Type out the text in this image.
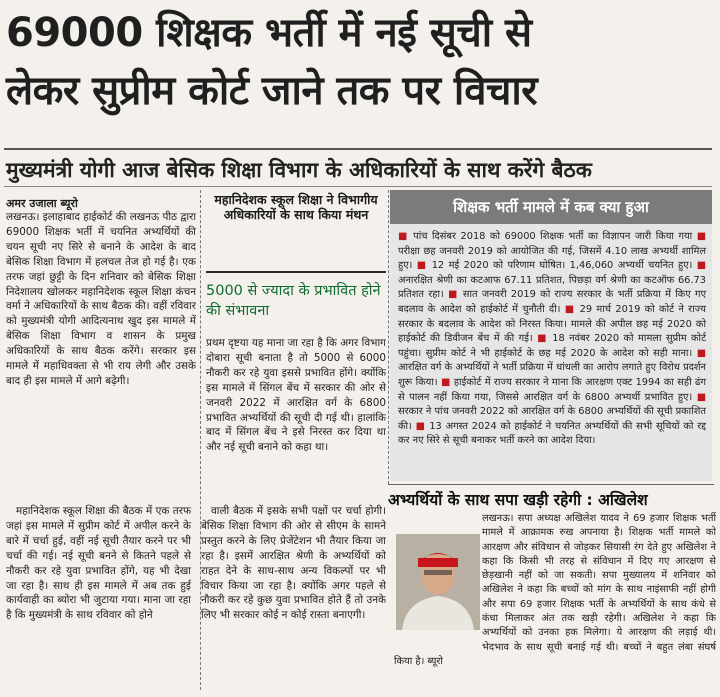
69000 शिक्षक भर्ती में नई सूची से
लेकर सुप्रीम कोर्ट जाने तक पर विचार
मुख्यमंत्री योगी आज बेसिक शिक्षा विभाग के अधिकारियों के साथ करेंगे बैठक
अमर उजाला ब्यूरो

लखनऊ। इलाहाबाद हाईकोर्ट की लखनऊ पीठ द्वारा 69000 शिक्षक भर्ती में चयनित अभ्यर्थियों की चयन सूची नए सिरे से बनाने के आदेश के बाद बेसिक शिक्षा विभाग में हलचल तेज हो गई है। एक तरफ जहां छुट्टी के दिन शनिवार को बेसिक शिक्षा निदेशालय खोलकर महानिदेशक स्कूल शिक्षा कंचन वर्मा ने अधिकारियों के साथ बैठक की। वहीं रविवार को मुख्यमंत्री योगी आदित्यनाथ खुद इस मामले में बेसिक शिक्षा विभाग व शासन के प्रमुख अधिकारियों के साथ बैठक करेंगे। सरकार इस मामले में महाधिवक्ता से भी राय लेगी और उसके बाद ही इस मामले में आगे बढ़ेगी।

महानिदेशक स्कूल शिक्षा की बैठक में एक तरफ जहां इस मामले में सुप्रीम कोर्ट में अपील करने के बारे में चर्चा हुई, वहीं नई सूची तैयार करने पर भी चर्चा की गई। नई सूची बनने से कितने पहले से नौकरी कर रहे युवा प्रभावित होंगे, यह भी देखा जा रहा है। साथ ही इस मामले में अब तक हुई कार्यवाही का ब्योरा भी जुटाया गया। माना जा रहा है कि मुख्यमंत्री के साथ रविवार को होने

वाली बैठक में इसके सभी पक्षों पर चर्चा होगी। बेसिक शिक्षा विभाग की ओर से सीएम के सामने प्रस्तुत करने के लिए प्रेजेंटेशन भी तैयार किया जा रहा है। इसमें आरक्षित श्रेणी के अभ्यर्थियों को राहत देने के साथ-साथ अन्य विकल्पों पर भी विचार किया जा रहा है। क्योंकि अगर पहले से नौकरी कर रहे कुछ युवा प्रभावित होते हैं तो उनके लिए भी सरकार कोई न कोई रास्ता बनाएगी।

महानिदेशक स्कूल शिक्षा ने विभागीय अधिकारियों के साथ किया मंथन
5000 से ज्यादा के प्रभावित होने की संभावना

प्रथम दृष्टया यह माना जा रहा है कि अगर विभाग दोबारा सूची बनाता है तो 5000 से 6000 नौकरी कर रहे युवा इससे प्रभावित होंगे। क्योंकि इस मामले में सिंगल बेंच में सरकार की ओर से जनवरी 2022 में आरक्षित वर्ग के 6800 प्रभावित अभ्यर्थियों की सूची दी गई थी। हालांकि बाद में सिंगल बेंच ने इसे निरस्त कर दिया था और नई सूची बनाने को कहा था।

शिक्षक भर्ती मामले में कब क्या हुआ
■ पांच दिसंबर 2018 को 69000 शिक्षक भर्ती का विज्ञापन जारी किया गया ■ परीक्षा छह जनवरी 2019 को आयोजित की गई, जिसमें 4.10 लाख अभ्यर्थी शामिल हुए। ■ 12 मई 2020 को परिणाम घोषित। 1,46,060 अभ्यर्थी चयनित हुए। ■ अनारक्षित श्रेणी का कटआफ 67.11 प्रतिशत, पिछड़ा वर्ग श्रेणी का कटऑफ 66.73 प्रतिशत रहा। ■ सात जनवरी 2019 को राज्य सरकार के भर्ती प्रक्रिया में किए गए बदलाव के आदेश को हाईकोर्ट में चुनौती दी। ■ 29 मार्च 2019 को कोर्ट ने राज्य सरकार के बदलाव के आदेश को निरस्त किया। मामले की अपील छह मई 2020 को हाईकोर्ट की डिवीजन बेंच में की गई। ■ 18 नवंबर 2020 को मामला सुप्रीम कोर्ट पहुंचा। सुप्रीम कोर्ट ने भी हाईकोर्ट के छह मई 2020 के आदेश को सही माना। ■ आरक्षित वर्ग के अभ्यर्थियों ने भर्ती प्रक्रिया में धांधली का आरोप लगाते हुए विरोध प्रदर्शन शुरू किया। ■ हाईकोर्ट में राज्य सरकार ने माना कि आरक्षण एक्ट 1994 का सही ढंग से पालन नहीं किया गया, जिससे आरक्षित वर्ग के 6800 अभ्यर्थी प्रभावित हुए। ■ सरकार ने पांच जनवरी 2022 को आरक्षित वर्ग के 6800 अभ्यर्थियों की सूची प्रकाशित की। ■ 13 अगस्त 2024 को हाईकोर्ट ने चयनित अभ्यर्थियों की सभी सूचियों को रद्द कर नए सिरे से सूची बनाकर भर्ती करने का आदेश दिया।
अभ्यर्थियों के साथ सपा खड़ी रहेगी : अखिलेश

लखनऊ। सपा अध्यक्ष अखिलेश यादव ने 69 हजार शिक्षक भर्ती मामले में आक्रामक रुख अपनाया है। शिक्षक भर्ती मामले को आरक्षण और संविधान से जोड़कर सियासी रंग देते हुए अखिलेश ने कहा कि किसी भी तरह से संविधान में दिए गए आरक्षण से छेड़खानी नहीं को जा सकती। सपा मुख्यालय में शनिवार को अखिलेश ने कहा कि बच्चों को मांग के साथ नाइंसाफी नहीं होगी और सपा 69 हजार शिक्षक भर्ती के अभ्यर्थियों के साथ कंधे से कंधा मिलाकर अंत तक खड़ी रहेगी। अखिलेश ने कहा कि अभ्यर्थियों को उनका हक मिलेगा। ये आरक्षण की लड़ाई थी। भेदभाव के साथ सूची बनाई गई थी। बच्चों ने बहुत लंबा संघर्ष किया है। ब्यूरो
